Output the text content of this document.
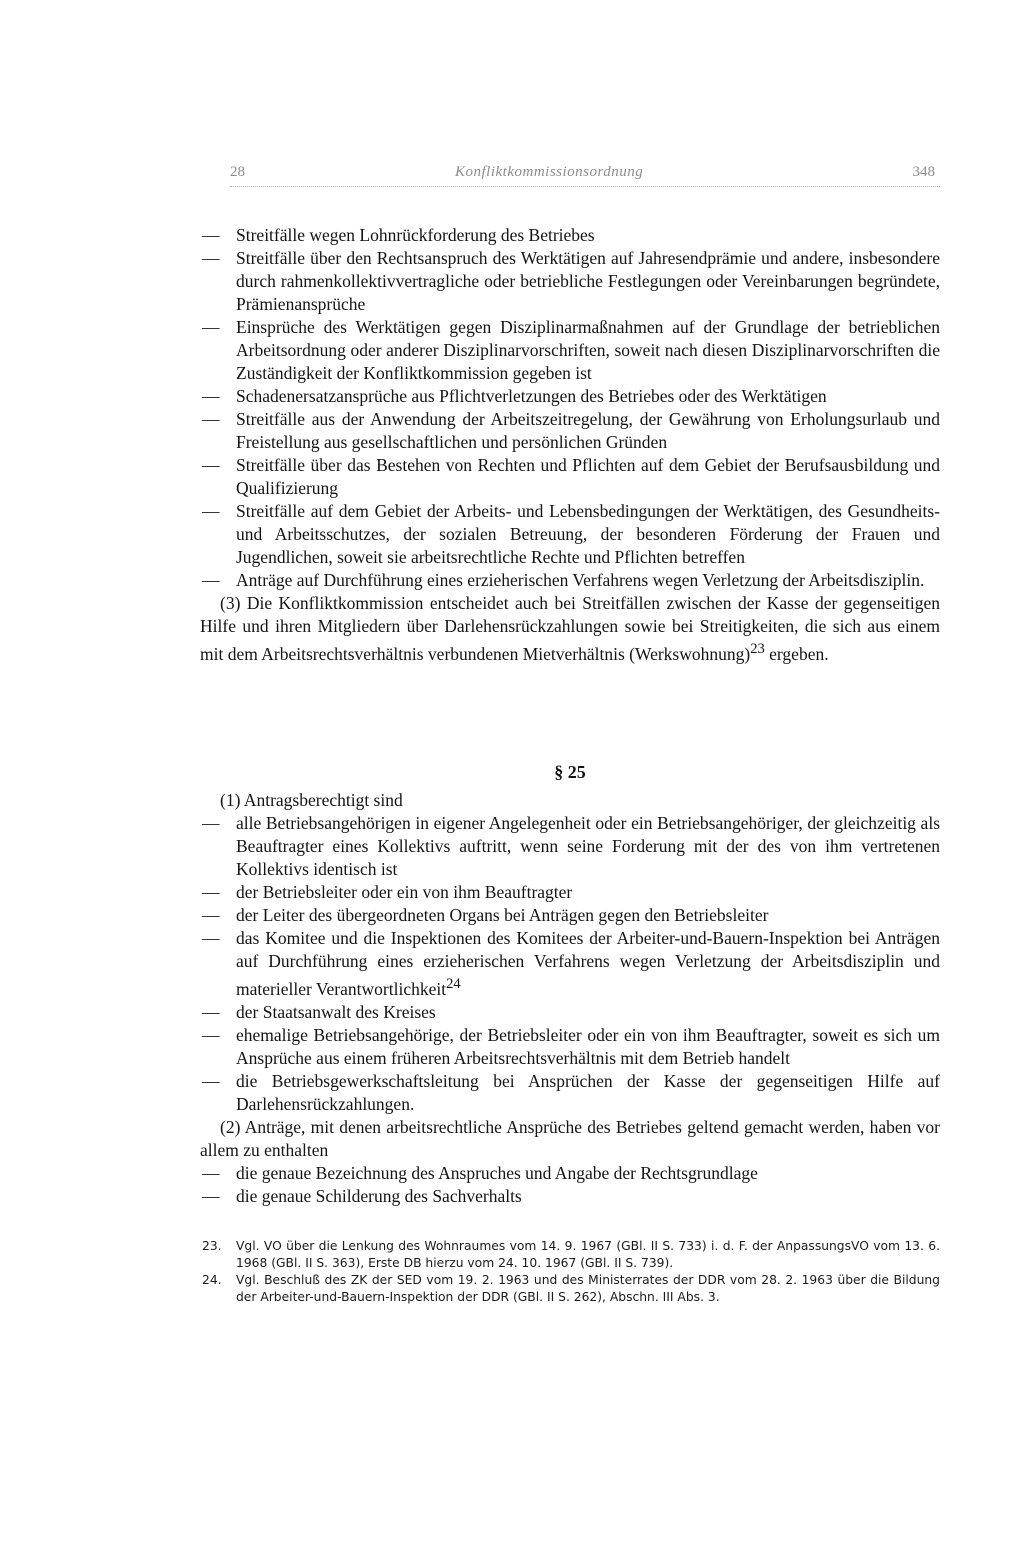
28	Konfliktkommissionsordnung	348
— Streitfälle wegen Lohnrückforderung des Betriebes
— Streitfälle über den Rechtsanspruch des Werktätigen auf Jahresendprämie und andere, insbesondere durch rahmenkollektivvertragliche oder betriebliche Festlegungen oder Vereinbarungen begründete, Prämienansprüche
— Einsprüche des Werktätigen gegen Disziplinarmaßnahmen auf der Grundlage der betrieblichen Arbeitsordnung oder anderer Disziplinarvorschriften, soweit nach diesen Disziplinarvorschriften die Zuständigkeit der Konfliktkommission gegeben ist
— Schadenersatzansprüche aus Pflichtverletzungen des Betriebes oder des Werktätigen
— Streitfälle aus der Anwendung der Arbeitszeitregelung, der Gewährung von Erholungsurlaub und Freistellung aus gesellschaftlichen und persönlichen Gründen
— Streitfälle über das Bestehen von Rechten und Pflichten auf dem Gebiet der Berufsausbildung und Qualifizierung
— Streitfälle auf dem Gebiet der Arbeits- und Lebensbedingungen der Werktätigen, des Gesundheits- und Arbeitsschutzes, der sozialen Betreuung, der besonderen Förderung der Frauen und Jugendlichen, soweit sie arbeitsrechtliche Rechte und Pflichten betreffen
— Anträge auf Durchführung eines erzieherischen Verfahrens wegen Verletzung der Arbeitsdisziplin.

(3) Die Konfliktkommission entscheidet auch bei Streitfällen zwischen der Kasse der gegenseitigen Hilfe und ihren Mitgliedern über Darlehensrückzahlungen sowie bei Streitigkeiten, die sich aus einem mit dem Arbeitsrechtsverhältnis verbundenen Mietverhältnis (Werkswohnung)$^{23}$ ergeben.

§ 25

(1) Antragsberechtigt sind

— alle Betriebsangehörigen in eigener Angelegenheit oder ein Betriebsangehöriger, der gleichzeitig als Beauftragter eines Kollektivs auftritt, wenn seine Forderung mit der des von ihm vertretenen Kollektivs identisch ist
— der Betriebsleiter oder ein von ihm Beauftragter
— der Leiter des übergeordneten Organs bei Anträgen gegen den Betriebsleiter
— das Komitee und die Inspektionen des Komitees der Arbeiter-und-Bauern-Inspektion bei Anträgen auf Durchführung eines erzieherischen Verfahrens wegen Verletzung der Arbeitsdisziplin und materieller Verantwortlichkeit$^{24}$
— der Staatsanwalt des Kreises
— ehemalige Betriebsangehörige, der Betriebsleiter oder ein von ihm Beauftragter, soweit es sich um Ansprüche aus einem früheren Arbeitsrechtsverhältnis mit dem Betrieb handelt
— die Betriebsgewerkschaftsleitung bei Ansprüchen der Kasse der gegenseitigen Hilfe auf Darlehensrückzahlungen.

(2) Anträge, mit denen arbeitsrechtliche Ansprüche des Betriebes geltend gemacht werden, haben vor allem zu enthalten

— die genaue Bezeichnung des Anspruches und Angabe der Rechtsgrundlage
— die genaue Schilderung des Sachverhalts

23. Vgl. VO über die Lenkung des Wohnraumes vom 14. 9. 1967 (GBl. II S. 733) i. d. F. der AnpassungsVO vom 13. 6. 1968 (GBl. II S. 363), Erste DB hierzu vom 24. 10. 1967 (GBl. II S. 739).

24. Vgl. Beschluß des ZK der SED vom 19. 2. 1963 und des Ministerrates der DDR vom 28. 2. 1963 über die Bildung der Arbeiter-und-Bauern-Inspektion der DDR (GBl. II S. 262), Abschn. III Abs. 3.
